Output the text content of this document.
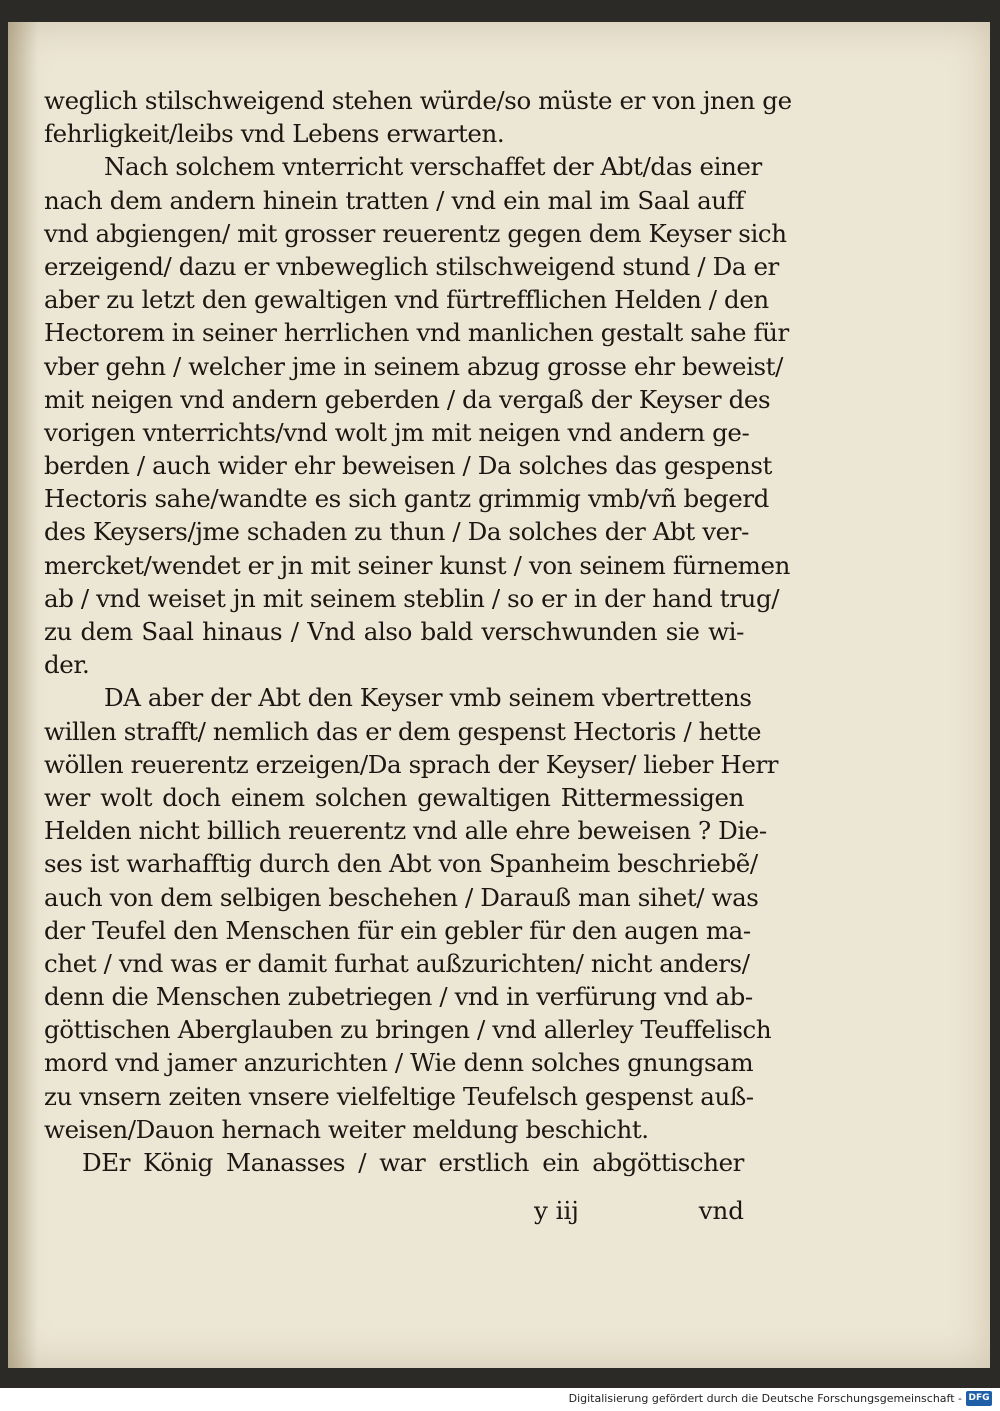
weglich stilschweigend stehen würde/so müste er von jnen ge
fehrligkeit/leibs vnd Lebens erwarten.
Nach solchem vnterricht verschaffet der Abt/das einer
nach dem andern hinein tratten / vnd ein mal im Saal auff
vnd abgiengen/ mit grosser reuerentz gegen dem Keyser sich
erzeigend/ dazu er vnbeweglich stilschweigend stund / Da er
aber zu letzt den gewaltigen vnd fürtrefflichen Helden / den
Hectorem in seiner herrlichen vnd manlichen gestalt sahe für
vber gehn / welcher jme in seinem abzug grosse ehr beweist/
mit neigen vnd andern geberden / da vergaß der Keyser des
vorigen vnterrichts/vnd wolt jm mit neigen vnd andern ge-
berden / auch wider ehr beweisen / Da solches das gespenst
Hectoris sahe/wandte es sich gantz grimmig vmb/vñ begerd
des Keysers/jme schaden zu thun / Da solches der Abt ver-
mercket/wendet er jn mit seiner kunst / von seinem fürnemen
ab / vnd weiset jn mit seinem steblin / so er in der hand trug/
zu dem Saal hinaus / Vnd also bald verschwunden sie wi-
der.
DA aber der Abt den Keyser vmb seinem vbertrettens
willen strafft/ nemlich das er dem gespenst Hectoris / hette
wöllen reuerentz erzeigen/Da sprach der Keyser/ lieber Herr
wer wolt doch einem solchen gewaltigen Rittermessigen
Helden nicht billich reuerentz vnd alle ehre beweisen ? Die-
ses ist warhafftig durch den Abt von Spanheim beschriebẽ/
auch von dem selbigen beschehen / Darauß man sihet/ was
der Teufel den Menschen für ein gebler für den augen ma-
chet / vnd was er damit furhat außzurichten/ nicht anders/
denn die Menschen zubetriegen / vnd in verfürung vnd ab-
göttischen Aberglauben zu bringen / vnd allerley Teuffelisch
mord vnd jamer anzurichten / Wie denn solches gnungsam
zu vnsern zeiten vnsere vielfeltige Teufelsch gespenst auß-
weisen/Dauon hernach weiter meldung beschicht.
DEr König Manasses / war erstlich ein abgöttischer
y iij	vnd
Digitalisierung gefördert durch die Deutsche Forschungsgemeinschaft - DFG
